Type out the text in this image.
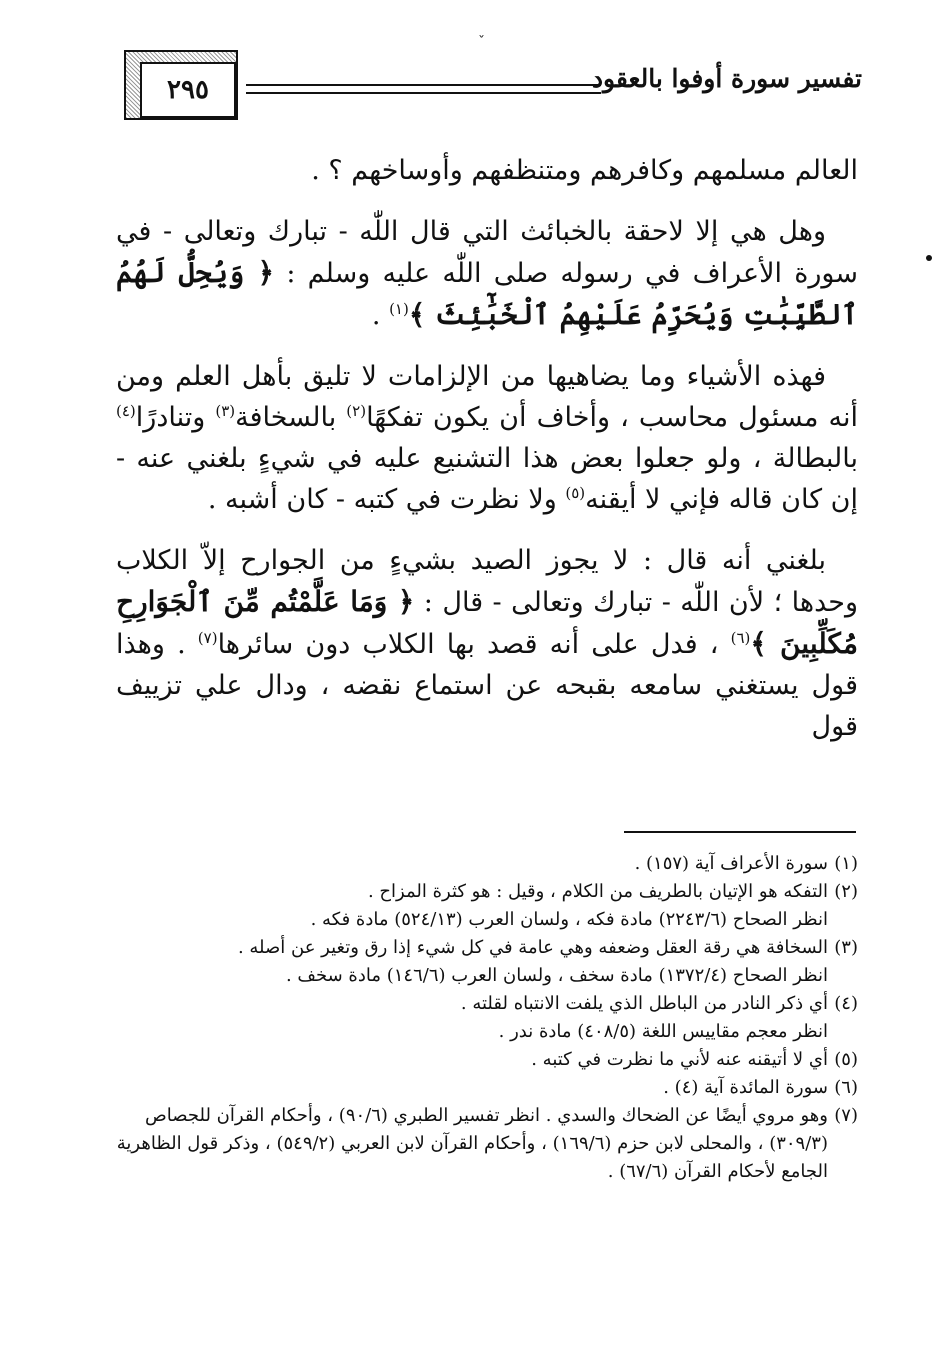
٢٩٥	تفسير سورة أوفوا بالعقود
ˇ

العالم مسلمهم وكافرهم ومتنظفهم وأوساخهم ؟ .

وهل هي إلا لاحقة بالخبائث التي قال اللّٰه - تبارك وتعالى - في سورة الأعراف في رسوله صلى اللّٰه عليه وسلم : ﴿ وَيُحِلُّ لَهُمُ ٱلطَّيِّبَٰتِ وَيُحَرِّمُ عَلَيْهِمُ ٱلْخَبَٰٓئِثَ ﴾$^{(١)}$ .

فهذه الأشياء وما يضاهيها من الإلزامات لا تليق بأهل العلم ومن أنه مسئول محاسب ، وأخاف أن يكون تفكهًا$^{(٢)}$ بالسخافة$^{(٣)}$ وتنادرًا$^{(٤)}$ بالبطالة ، ولو جعلوا بعض هذا التشنيع عليه في شيءٍ بلغني عنه - إن كان قاله فإني لا أيقنه$^{(٥)}$ ولا نظرت في كتبه - كان أشبه .

بلغني أنه قال : لا يجوز الصيد بشيءٍ من الجوارح إلاّ الكلاب وحدها ؛ لأن اللّٰه - تبارك وتعالى - قال : ﴿ وَمَا عَلَّمْتُم مِّنَ ٱلْجَوَارِحِ مُكَلِّبِينَ ﴾$^{(٦)}$ ، فدل على أنه قصد بها الكلاب دون سائرها$^{(٧)}$ . وهذا قول يستغني سامعه بقبحه عن استماع نقضه ، ودال علي تزييف قول

(١)سورة الأعراف آية (١٥٧) .

(٢)التفكه هو الإتيان بالطريف من الكلام ، وقيل : هو كثرة المزاح .

انظر الصحاح (٢٢٤٣/٦) مادة فكه ، ولسان العرب (٥٢٤/١٣) مادة فكه .

(٣)السخافة هي رقة العقل وضعفه وهي عامة في كل شيء إذا رق وتغير عن أصله .

انظر الصحاح (١٣٧٢/٤) مادة سخف ، ولسان العرب (١٤٦/٦) مادة سخف .

(٤)أي ذكر النادر من الباطل الذي يلفت الانتباه لقلته .

انظر معجم مقاييس اللغة (٤٠٨/٥) مادة ندر .

(٥)أي لا أتيقنه عنه لأني ما نظرت في كتبه .

(٦)سورة المائدة آية (٤) .

(٧)وهو مروي أيضًا عن الضحاك والسدي . انظر تفسير الطبري (٩٠/٦) ، وأحكام القرآن للجصاص (٣٠٩/٣) ، والمحلى لابن حزم (١٦٩/٦) ، وأحكام القرآن لابن العربي (٥٤٩/٢) ، وذكر قول الظاهرية الجامع لأحكام القرآن (٦٧/٦) .
